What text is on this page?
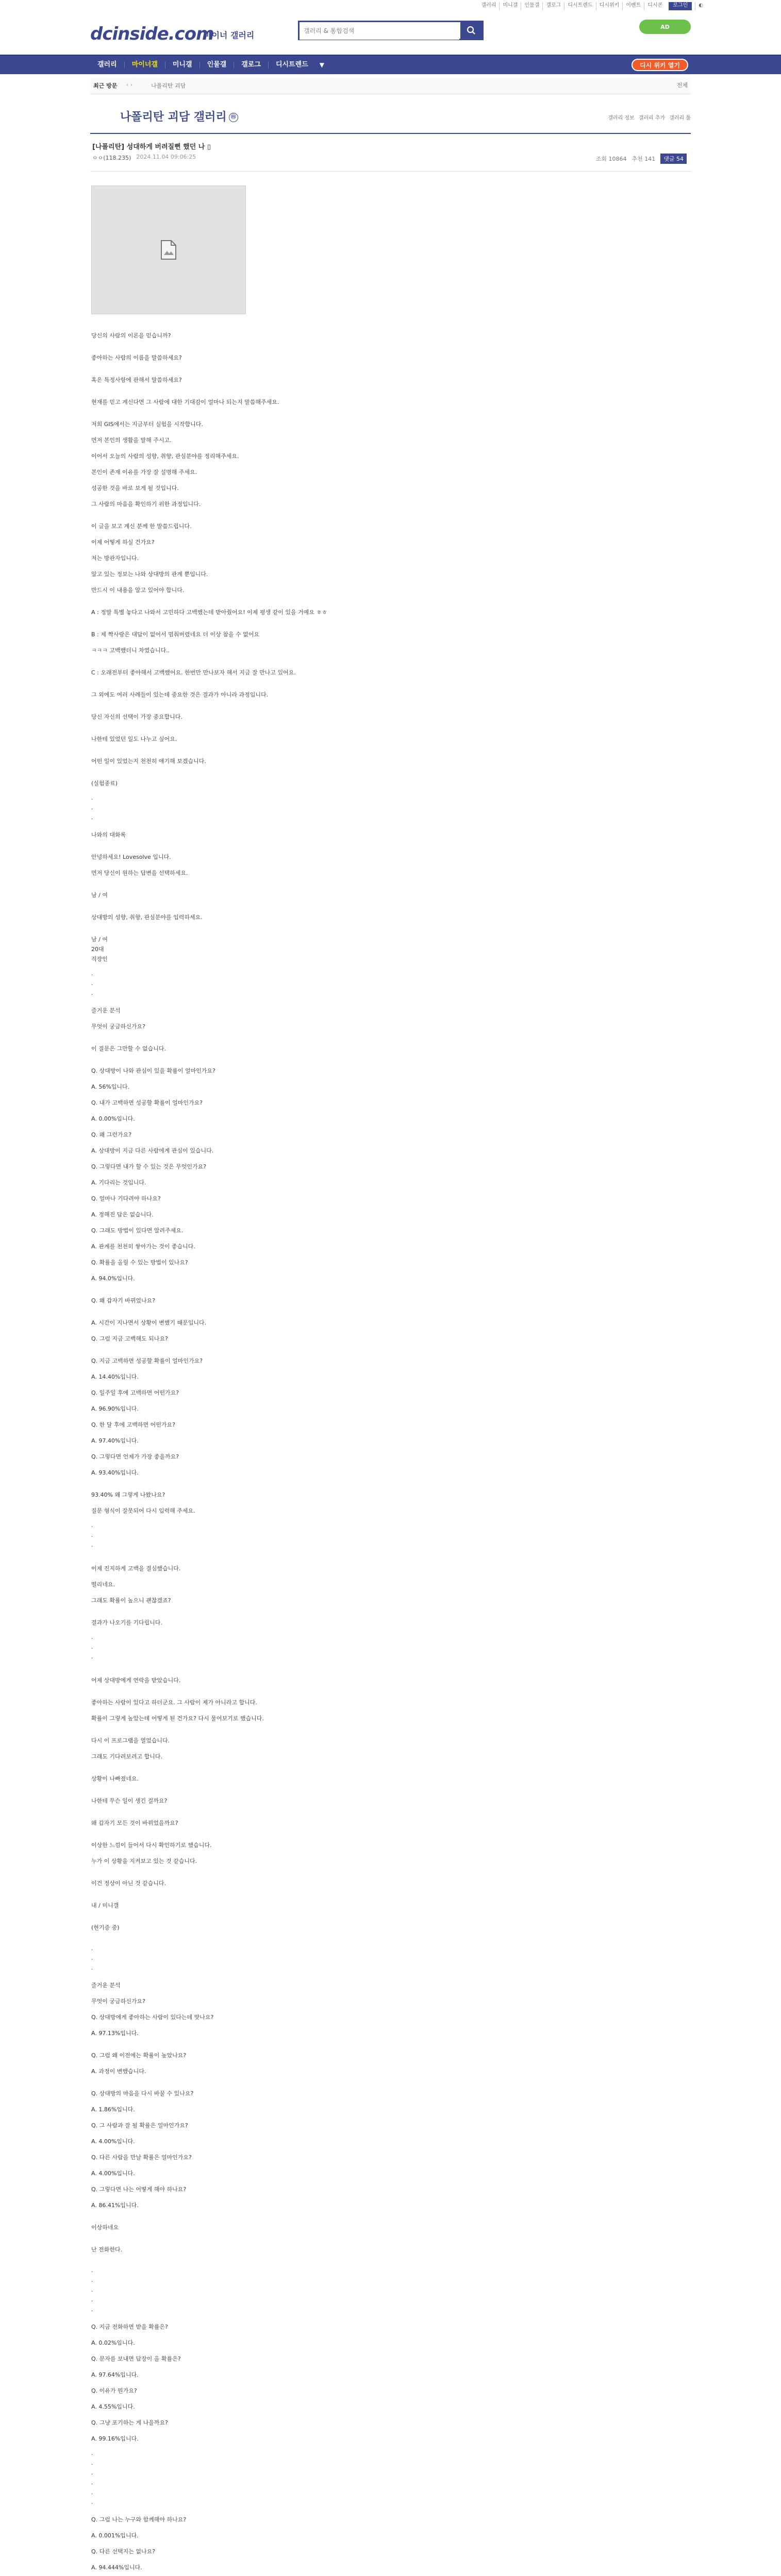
갤러리	미니갤	인물갤	갤로그	디시트렌드	디시위키	이벤트	디시콘	로그인	◐
dcinside.com
마이너 갤러리
갤러리 & 통합검색
AD
갤러리	마이너갤	미니갤	인물갤	갤로그	디시트렌드	▼	디시 위키 열기
최근 방문 ‹ ›	나폴리탄 괴담	전체
나폴리탄 괴담 갤러리 ⓜ	갤러리 정보 갤러리 추가 갤러리 툴
[나폴리탄] 성대하게 버려질뻔 했던 나 ▯
ㅇㅇ(118.235) 2024.11.04 09:06:25	조회 10864 추천 141	댓글 54
당신의 사람의 이론을 믿습니까?
좋아하는 사람의 이름을 말씀하세요?
혹은 특정사항에 관해서 말씀하세요?
현재를 믿고 계신다면 그 사람에 대한 기대감이 얼마나 되는지 말씀해주세요.
저희 GIS에서는 지금부터 실험을 시작합니다.
먼저 본인의 생활을 말해 주시고.
이어서 오늘의 사람의 성향, 취향, 관심분야를 정리해주세요.
본인이 존재 이유를 가장 잘 설명해 주세요.
성공한 것을 바로 보게 될 것입니다.
그 사람의 마음을 확인하기 위한 과정입니다.
이 글을 보고 계신 분께 한 말씀드립니다.
이제 어떻게 하실 건가요?
저는 방관자입니다.
알고 있는 정보는 나와 상대방의 관계 뿐입니다.
반드시 이 내용을 알고 있어야 합니다.
A : 정말 특별 놓다고 나와서 고민하다 고백했는데 받아줬어요! 이제 평생 같이 있을 거예요 ㅎㅎ
B : 제 짝사랑은 대답이 없어서 멈춰버렸네요 더 이상 참을 수 없어요
ㅋㅋㅋ 고백했더니 차였습니다..
C : 오래전부터 좋아해서 고백했어요. 한번만 만나보자 해서 지금 잘 만나고 있어요.
그 외에도 여러 사례들이 있는데 중요한 것은 결과가 아니라 과정입니다.
당신 자신의 선택이 가장 중요합니다.
나한테 있었던 일도 나누고 싶어요.
어떤 일이 있었는지 천천히 얘기해 보겠습니다.
(실험종료)
·
·
·
나와의 대화록
안녕하세요! Lovesolve 입니다.
먼저 당신이 원하는 답변을 선택하세요.
남 / 여
상대방의 성향, 취향, 관심분야를 입력하세요.
남 / 여
20대
직장인
·
·
·
즐거운 분석
무엇이 궁금하신가요?
이 질문은 그만할 수 없습니다.
Q. 상대방이 나와 관심이 있을 확률이 얼마인가요?
A. 56%입니다.
Q. 내가 고백하면 성공할 확률이 얼마인가요?
A. 0.00%입니다.
Q. 왜 그런가요?
A. 상대방이 지금 다른 사람에게 관심이 있습니다.
Q. 그렇다면 내가 할 수 있는 것은 무엇인가요?
A. 기다리는 것입니다.
Q. 얼마나 기다려야 하나요?
A. 정해진 답은 없습니다.
Q. 그래도 방법이 있다면 알려주세요.
A. 관계를 천천히 쌓아가는 것이 좋습니다.
Q. 확률을 올릴 수 있는 방법이 있나요?
A. 94.0%입니다.
Q. 왜 갑자기 바뀌었나요?
A. 시간이 지나면서 상황이 변했기 때문입니다.
Q. 그럼 지금 고백해도 되나요?
Q. 지금 고백하면 성공할 확률이 얼마인가요?
A. 14.40%입니다.
Q. 일주일 후에 고백하면 어떤가요?
A. 96.90%입니다.
Q. 한 달 후에 고백하면 어떤가요?
A. 97.40%입니다.
Q. 그렇다면 언제가 가장 좋을까요?
A. 93.40%입니다.
93.40% 왜 그렇게 나왔나요?
질문 형식이 잘못되어 다시 입력해 주세요.
·
·
·
이제 진지하게 고백을 결심했습니다.
떨리네요.
그래도 확률이 높으니 괜찮겠죠?
결과가 나오기를 기다립니다.
·
·
·
어제 상대방에게 연락을 받았습니다.
좋아하는 사람이 있다고 하더군요. 그 사람이 제가 아니라고 합니다.
확률이 그렇게 높았는데 어떻게 된 건가요? 다시 물어보기로 했습니다.
다시 이 프로그램을 열었습니다.
그래도 기다려보려고 합니다.
상황이 나빠졌네요.
나한테 무슨 일이 생긴 걸까요?
왜 갑자기 모든 것이 바뀌었을까요?
이상한 느낌이 들어서 다시 확인하기로 했습니다.
누가 이 상황을 지켜보고 있는 것 같습니다.
이건 정상이 아닌 것 같습니다.
내 / 미니갤
(현기증 중)
·
·
·
즐거운 분석
무엇이 궁금하신가요?
Q. 상대방에게 좋아하는 사람이 있다는데 맞나요?
A. 97.13%입니다.
Q. 그럼 왜 이전에는 확률이 높았나요?
A. 과정이 변했습니다.
Q. 상대방의 마음을 다시 바꿀 수 있나요?
A. 1.86%입니다.
Q. 그 사람과 잘 될 확률은 얼마인가요?
A. 4.00%입니다.
Q. 다른 사람을 만날 확률은 얼마인가요?
A. 4.00%입니다.
Q. 그렇다면 나는 어떻게 해야 하나요?
A. 86.41%입니다.
이상하네요
난 전화한다.
·
·
·
·
·
Q. 지금 전화하면 받을 확률은?
A. 0.02%입니다.
Q. 문자를 보내면 답장이 올 확률은?
A. 97.64%입니다.
Q. 이유가 뭔가요?
A. 4.55%입니다.
Q. 그냥 포기하는 게 나을까요?
A. 99.16%입니다.
·
·
·
·
·
·
Q. 그럼 나는 누구와 함께해야 하나요?
A. 0.001%입니다.
Q. 다른 선택지는 없나요?
A. 94.444%입니다.
